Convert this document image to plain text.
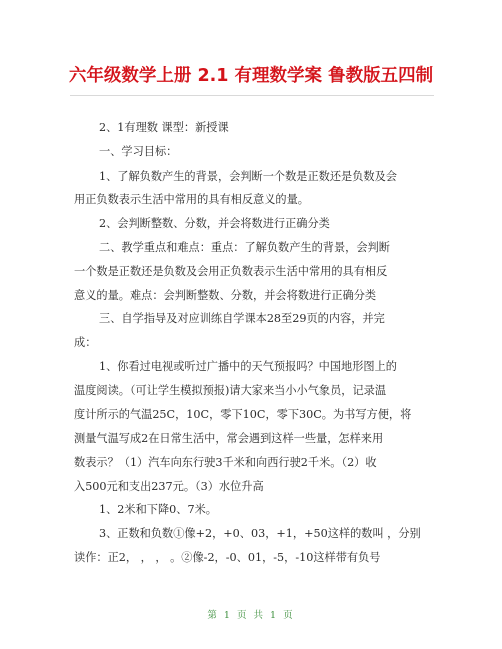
六年级数学上册 2.1 有理数学案 鲁教版五四制
2、1有理数 课型：新授课
一、学习目标：
1、了解负数产生的背景，会判断一个数是正数还是负数及会
用正负数表示生活中常用的具有相反意义的量。
2、会判断整数、分数，并会将数进行正确分类
二、教学重点和难点：重点：了解负数产生的背景，会判断
一个数是正数还是负数及会用正负数表示生活中常用的具有相反
意义的量。难点：会判断整数、分数，并会将数进行正确分类
三、自学指导及对应训练自学课本28至29页的内容，并完
成：
1、你看过电视或听过广播中的天气预报吗？中国地形图上的
温度阅读。（可让学生模拟预报)请大家来当小小气象员，记录温
度计所示的气温25C，10C，零下10C，零下30C。为书写方便，将
测量气温写成2在日常生活中，常会遇到这样一些量，怎样来用
数表示？（1）汽车向东行驶3千米和向西行驶2千米。（2）收
入500元和支出237元。（3）水位升高
1、2米和下降0、7米。
3、正数和负数①像+2，+0、03，+1，+50这样的数叫 ，分别
读作：正2， ， ， 。②像-2，-0、01，-5，-10这样带有负号
第 1 页 共 1 页
